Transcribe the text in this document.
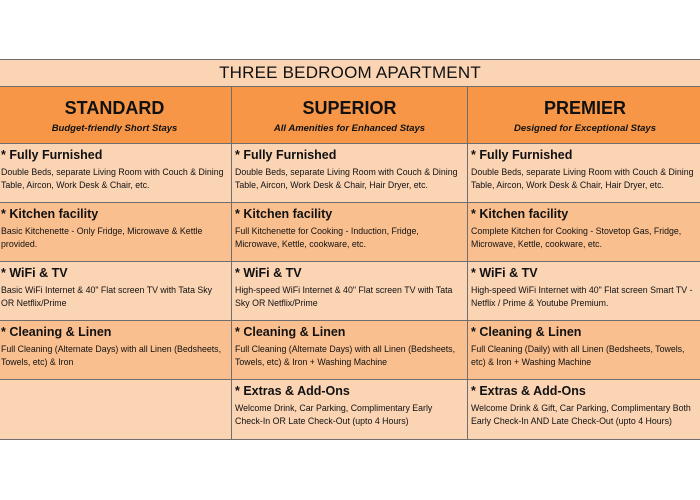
THREE BEDROOM APARTMENT
STANDARD
Budget-friendly Short Stays
SUPERIOR
All Amenities for Enhanced Stays
PREMIER
Designed for Exceptional Stays
* Fully Furnished
Double Beds, separate Living Room with Couch & Dining Table, Aircon, Work Desk & Chair, etc.
* Fully Furnished
Double Beds, separate Living Room with Couch & Dining Table, Aircon, Work Desk & Chair, Hair Dryer, etc.
* Fully Furnished
Double Beds, separate Living Room with Couch & Dining Table, Aircon, Work Desk & Chair, Hair Dryer, etc.
* Kitchen facility
Basic Kitchenette - Only Fridge, Microwave & Kettle provided.
* Kitchen facility
Full Kitchenette for Cooking - Induction, Fridge, Microwave, Kettle, cookware, etc.
* Kitchen facility
Complete Kitchen for Cooking - Stovetop Gas, Fridge, Microwave, Kettle, cookware, etc.
* WiFi & TV
Basic WiFi Internet & 40" Flat screen TV with Tata Sky OR Netflix/Prime
* WiFi & TV
High-speed WiFi Internet & 40" Flat screen TV with Tata Sky OR Netflix/Prime
* WiFi & TV
High-speed WiFi Internet with 40" Flat screen Smart TV - Netflix / Prime & Youtube Premium.
* Cleaning & Linen
Full Cleaning (Alternate Days) with all Linen (Bedsheets, Towels, etc) & Iron
* Cleaning & Linen
Full Cleaning (Alternate Days) with all Linen (Bedsheets, Towels, etc) & Iron + Washing Machine
* Cleaning & Linen
Full Cleaning (Daily) with all Linen (Bedsheets, Towels, etc) & Iron + Washing Machine
* Extras & Add-Ons
Welcome Drink, Car Parking, Complimentary Early Check-In OR Late Check-Out (upto 4 Hours)
* Extras & Add-Ons
Welcome Drink & Gift, Car Parking, Complimentary Both Early Check-In AND Late Check-Out (upto 4 Hours)
